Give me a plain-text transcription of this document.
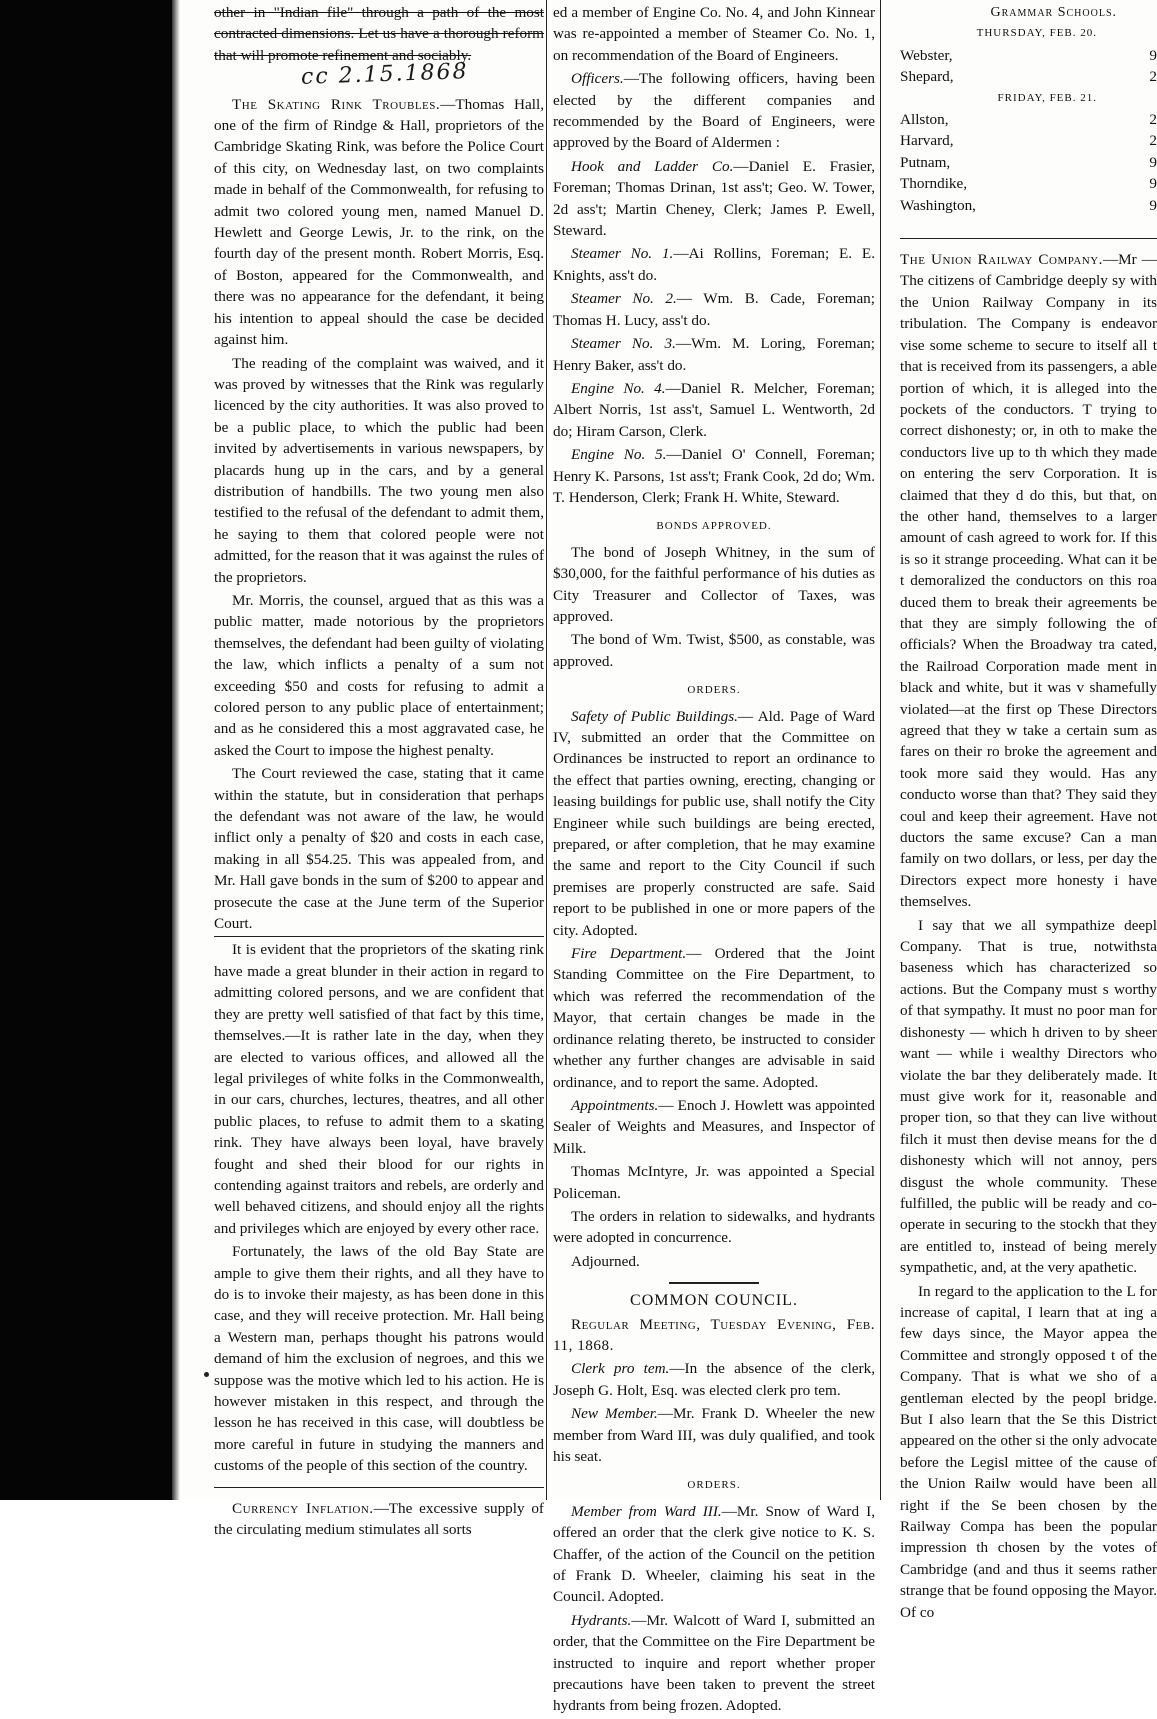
other in "Indian file" through a path of the most contracted dimensions. Let us have a thorough reform that will promote refinement and sociably.

cc 2.15.1868

The Skating Rink Troubles.—Thomas Hall, one of the firm of Rindge & Hall, proprietors of the Cambridge Skating Rink, was before the Police Court of this city, on Wednesday last, on two complaints made in behalf of the Commonwealth, for refusing to admit two colored young men, named Manuel D. Hewlett and George Lewis, Jr. to the rink, on the fourth day of the present month. Robert Morris, Esq. of Boston, appeared for the Commonwealth, and there was no appearance for the defendant, it being his intention to appeal should the case be decided against him.

The reading of the complaint was waived, and it was proved by witnesses that the Rink was regularly licenced by the city authorities. It was also proved to be a public place, to which the public had been invited by advertisements in various newspapers, by placards hung up in the cars, and by a general distribution of handbills. The two young men also testified to the refusal of the defendant to admit them, he saying to them that colored people were not admitted, for the reason that it was against the rules of the proprietors.

Mr. Morris, the counsel, argued that as this was a public matter, made notorious by the proprietors themselves, the defendant had been guilty of violating the law, which inflicts a penalty of a sum not exceeding $50 and costs for refusing to admit a colored person to any public place of entertainment; and as he considered this a most aggravated case, he asked the Court to impose the highest penalty.

The Court reviewed the case, stating that it came within the statute, but in consideration that perhaps the defendant was not aware of the law, he would inflict only a penalty of $20 and costs in each case, making in all $54.25. This was appealed from, and Mr. Hall gave bonds in the sum of $200 to appear and prosecute the case at the June term of the Superior Court.

It is evident that the proprietors of the skating rink have made a great blunder in their action in regard to admitting colored persons, and we are confident that they are pretty well satisfied of that fact by this time, themselves.—It is rather late in the day, when they are elected to various offices, and allowed all the legal privileges of white folks in the Commonwealth, in our cars, churches, lectures, theatres, and all other public places, to refuse to admit them to a skating rink. They have always been loyal, have bravely fought and shed their blood for our rights in contending against traitors and rebels, are orderly and well behaved citizens, and should enjoy all the rights and privileges which are enjoyed by every other race.

Fortunately, the laws of the old Bay State are ample to give them their rights, and all they have to do is to invoke their majesty, as has been done in this case, and they will receive protection. Mr. Hall being a Western man, perhaps thought his patrons would demand of him the exclusion of negroes, and this we suppose was the motive which led to his action. He is however mistaken in this respect, and through the lesson he has received in this case, will doubtless be more careful in future in studying the manners and customs of the people of this section of the country.

Currency Inflation.—The excessive supply of the circulating medium stimulates all sorts

ed a member of Engine Co. No. 4, and John Kinnear was re-appointed a member of Steamer Co. No. 1, on recommendation of the Board of Engineers.

Officers.—The following officers, having been elected by the different companies and recommended by the Board of Engineers, were approved by the Board of Aldermen :

Hook and Ladder Co.—Daniel E. Frasier, Foreman; Thomas Drinan, 1st ass't; Geo. W. Tower, 2d ass't; Martin Cheney, Clerk; James P. Ewell, Steward.

Steamer No. 1.—Ai Rollins, Foreman; E. E. Knights, ass't do.

Steamer No. 2.— Wm. B. Cade, Foreman; Thomas H. Lucy, ass't do.

Steamer No. 3.—Wm. M. Loring, Foreman; Henry Baker, ass't do.

Engine No. 4.—Daniel R. Melcher, Foreman; Albert Norris, 1st ass't, Samuel L. Wentworth, 2d do; Hiram Carson, Clerk.

Engine No. 5.—Daniel O' Connell, Foreman; Henry K. Parsons, 1st ass't; Frank Cook, 2d do; Wm. T. Henderson, Clerk; Frank H. White, Steward.

BONDS APPROVED.

The bond of Joseph Whitney, in the sum of $30,000, for the faithful performance of his duties as City Treasurer and Collector of Taxes, was approved.

The bond of Wm. Twist, $500, as constable, was approved.

ORDERS.

Safety of Public Buildings.— Ald. Page of Ward IV, submitted an order that the Committee on Ordinances be instructed to report an ordinance to the effect that parties owning, erecting, changing or leasing buildings for public use, shall notify the City Engineer while such buildings are being erected, prepared, or after completion, that he may examine the same and report to the City Council if such premises are properly constructed are safe. Said report to be published in one or more papers of the city. Adopted.

Fire Department.— Ordered that the Joint Standing Committee on the Fire Department, to which was referred the recommendation of the Mayor, that certain changes be made in the ordinance relating thereto, be instructed to consider whether any further changes are advisable in said ordinance, and to report the same. Adopted.

Appointments.— Enoch J. Howlett was appointed Sealer of Weights and Measures, and Inspector of Milk.

Thomas McIntyre, Jr. was appointed a Special Policeman.

The orders in relation to sidewalks, and hydrants were adopted in concurrence.

Adjourned.

COMMON COUNCIL.

Regular Meeting, Tuesday Evening, Feb. 11, 1868.

Clerk pro tem.—In the absence of the clerk, Joseph G. Holt, Esq. was elected clerk pro tem.

New Member.—Mr. Frank D. Wheeler the new member from Ward III, was duly qualified, and took his seat.

ORDERS.

Member from Ward III.—Mr. Snow of Ward I, offered an order that the clerk give notice to K. S. Chaffer, of the action of the Council on the petition of Frank D. Wheeler, claiming his seat in the Council. Adopted.

Hydrants.—Mr. Walcott of Ward I, submitted an order, that the Committee on the Fire Department be instructed to inquire and report whether proper precautions have been taken to prevent the street hydrants from being frozen. Adopted.

Grammar Schools.
THURSDAY, FEB. 20.
Webster,	9
Shepard,	2
FRIDAY, FEB. 21.
Allston,	2
Harvard,	2
Putnam,	9
Thorndike,	9
Washington,	9

The Union Railway Company.—Mr —The citizens of Cambridge deeply sy with the Union Railway Company in its tribulation. The Company is endeavor vise some scheme to secure to itself all t that is received from its passengers, a able portion of which, it is alleged into the pockets of the conductors. T trying to correct dishonesty; or, in oth to make the conductors live up to th which they made on entering the serv Corporation. It is claimed that they d do this, but that, on the other hand, themselves to a larger amount of cash agreed to work for. If this is so it strange proceeding. What can it be t demoralized the conductors on this roa duced them to break their agreements be that they are simply following the of officials? When the Broadway tra cated, the Railroad Corporation made ment in black and white, but it was v shamefully violated—at the first op These Directors agreed that they w take a certain sum as fares on their ro broke the agreement and took more said they would. Has any conducto worse than that? They said they coul and keep their agreement. Have not ductors the same excuse? Can a man family on two dollars, or less, per day the Directors expect more honesty i have themselves.

I say that we all sympathize deepl Company. That is true, notwithsta baseness which has characterized so actions. But the Company must s worthy of that sympathy. It must no poor man for dishonesty — which h driven to by sheer want — while i wealthy Directors who violate the bar they deliberately made. It must give work for it, reasonable and proper tion, so that they can live without filch it must then devise means for the d dishonesty which will not annoy, pers disgust the whole community. These fulfilled, the public will be ready and co-operate in securing to the stockh that they are entitled to, instead of being merely sympathetic, and, at the very apathetic.

In regard to the application to the L for increase of capital, I learn that at ing a few days since, the Mayor appea the Committee and strongly opposed t of the Company. That is what we sho of a gentleman elected by the peopl bridge. But I also learn that the Se this District appeared on the other si the only advocate before the Legisl mittee of the cause of the Union Railw would have been all right if the Se been chosen by the Railway Compa has been the popular impression th chosen by the votes of Cambridge (and and thus it seems rather strange that be found opposing the Mayor. Of co
